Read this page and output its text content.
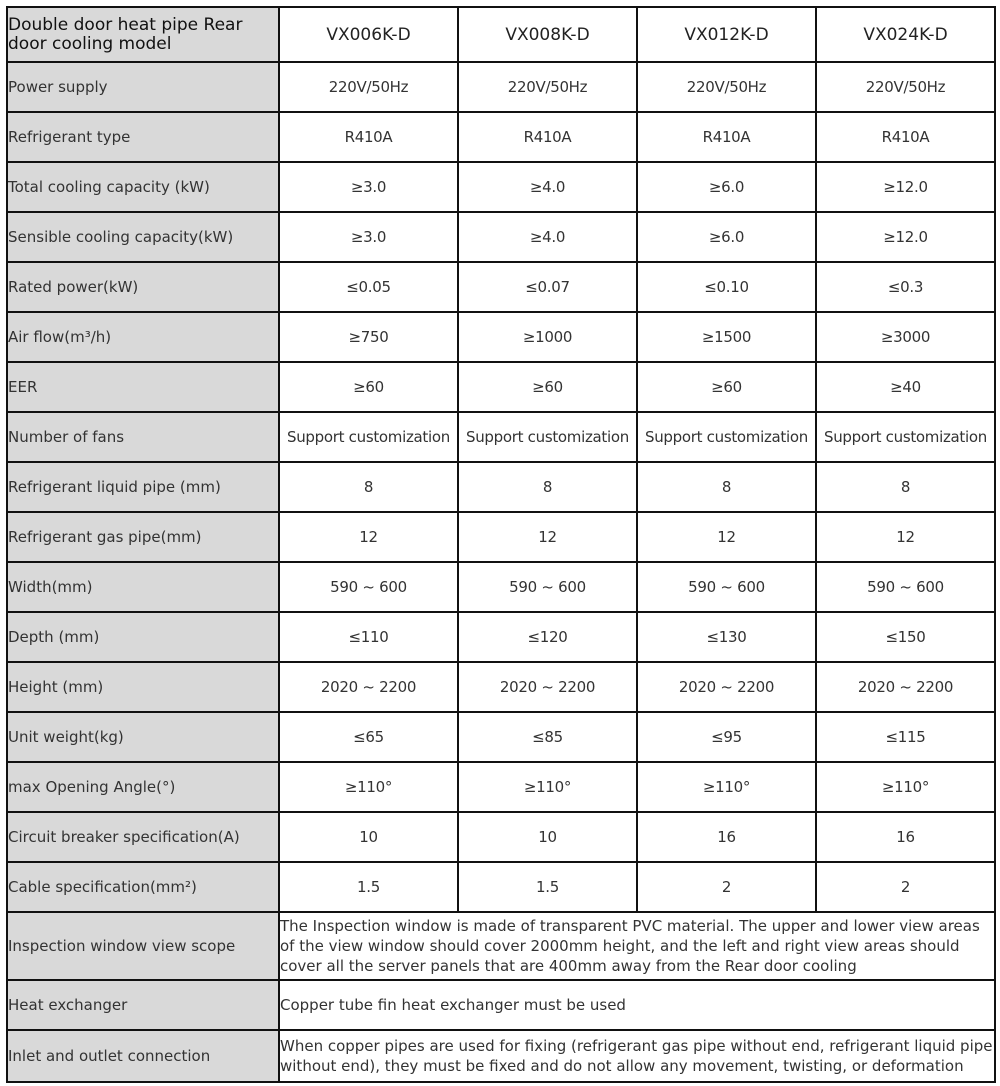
Double door heat pipe Rear door cooling model	VX006K-D	VX008K-D	VX012K-D	VX024K-D
Power supply	220V/50Hz	220V/50Hz	220V/50Hz	220V/50Hz
Refrigerant type	R410A	R410A	R410A	R410A
Total cooling capacity (kW)	≥3.0	≥4.0	≥6.0	≥12.0
Sensible cooling capacity(kW)	≥3.0	≥4.0	≥6.0	≥12.0
Rated power(kW)	≤0.05	≤0.07	≤0.10	≤0.3
Air flow(m³/h)	≥750	≥1000	≥1500	≥3000
EER	≥60	≥60	≥60	≥40
Number of fans	Support customization	Support customization	Support customization	Support customization
Refrigerant liquid pipe (mm)	8	8	8	8
Refrigerant gas pipe(mm)	12	12	12	12
Width(mm)	590 ~ 600	590 ~ 600	590 ~ 600	590 ~ 600
Depth (mm)	≤110	≤120	≤130	≤150
Height (mm)	2020 ~ 2200	2020 ~ 2200	2020 ~ 2200	2020 ~ 2200
Unit weight(kg)	≤65	≤85	≤95	≤115
max Opening Angle(°)	≥110°	≥110°	≥110°	≥110°
Circuit breaker specification(A)	10	10	16	16
Cable specification(mm²)	1.5	1.5	2	2
Inspection window view scope	The Inspection window is made of transparent PVC material. The upper and lower view areas of the view window should cover 2000mm height, and the left and right view areas should cover all the server panels that are 400mm away from the Rear door cooling			
Heat exchanger	Copper tube fin heat exchanger must be used			
Inlet and outlet connection	When copper pipes are used for fixing (refrigerant gas pipe without end, refrigerant liquid pipe without end), they must be fixed and do not allow any movement, twisting, or deformation			
